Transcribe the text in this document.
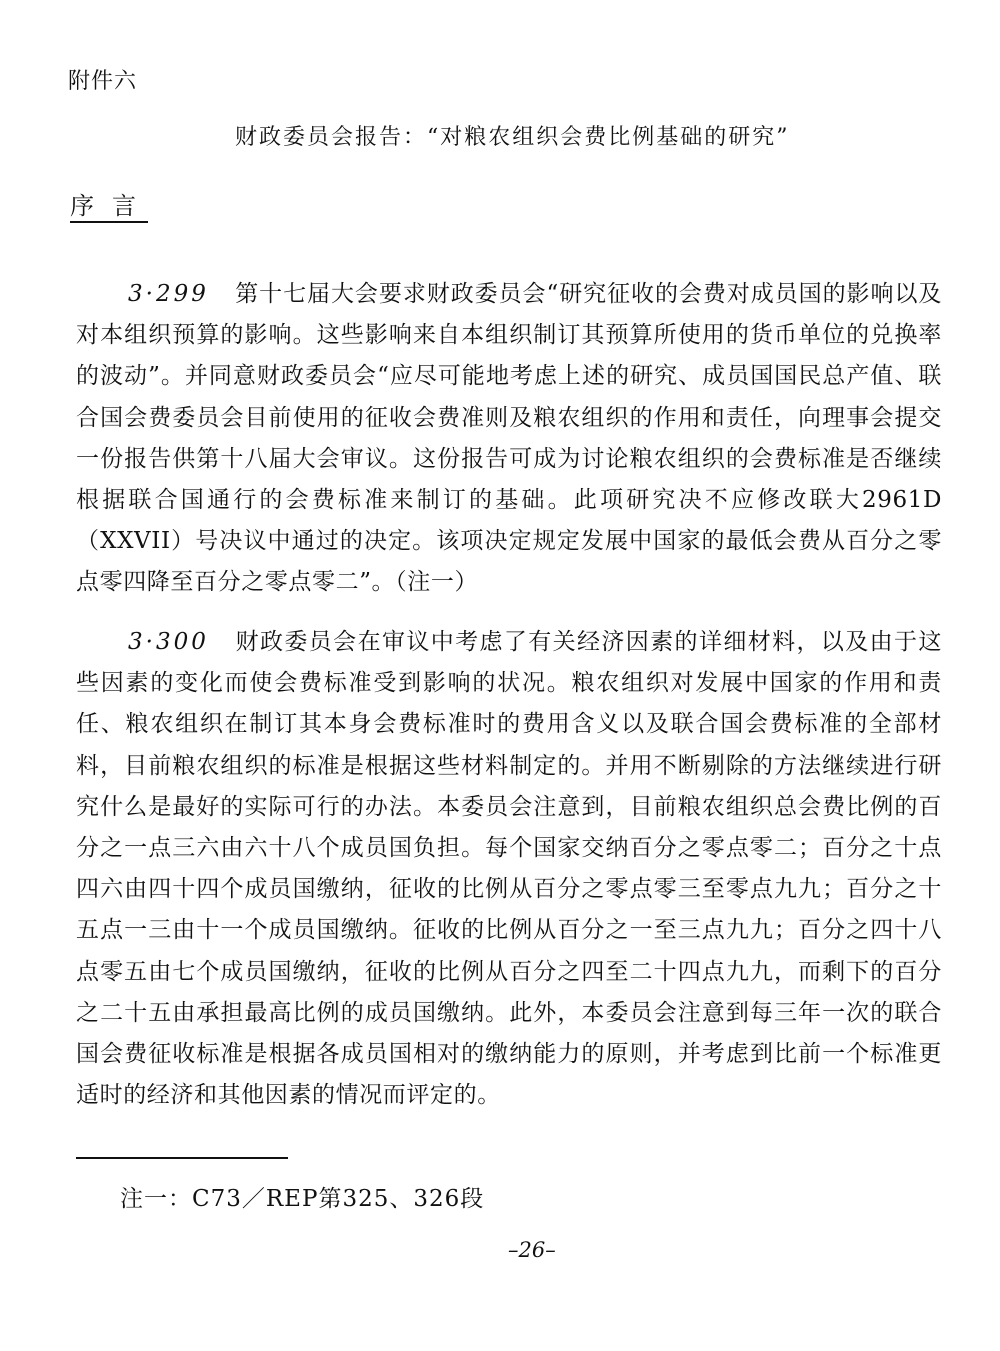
附件六
财政委员会报告：“对粮农组织会费比例基础的研究”
序言

3·299 第十七届大会要求财政委员会“研究征收的会费对成员国的影响以及对本组织预算的影响。这些影响来自本组织制订其预算所使用的货币单位的兑换率的波动”。并同意财政委员会“应尽可能地考虑上述的研究、成员国国民总产值、联合国会费委员会目前使用的征收会费准则及粮农组织的作用和责任，向理事会提交一份报告供第十八届大会审议。这份报告可成为讨论粮农组织的会费标准是否继续根据联合国通行的会费标准来制订的基础。此项研究决不应修改联大2961D（XXVII）号决议中通过的决定。该项决定规定发展中国家的最低会费从百分之零点零四降至百分之零点零二”。（注一）

3·300 财政委员会在审议中考虑了有关经济因素的详细材料，以及由于这些因素的变化而使会费标准受到影响的状况。粮农组织对发展中国家的作用和责任、粮农组织在制订其本身会费标准时的费用含义以及联合国会费标准的全部材料，目前粮农组织的标准是根据这些材料制定的。并用不断剔除的方法继续进行研究什么是最好的实际可行的办法。本委员会注意到，目前粮农组织总会费比例的百分之一点三六由六十八个成员国负担。每个国家交纳百分之零点零二；百分之十点四六由四十四个成员国缴纳，征收的比例从百分之零点零三至零点九九；百分之十五点一三由十一个成员国缴纳。征收的比例从百分之一至三点九九；百分之四十八点零五由七个成员国缴纳，征收的比例从百分之四至二十四点九九，而剩下的百分之二十五由承担最高比例的成员国缴纳。此外，本委员会注意到每三年一次的联合国会费征收标准是根据各成员国相对的缴纳能力的原则，并考虑到比前一个标准更适时的经济和其他因素的情况而评定的。

注一：C73／REP第325、326段
–26–
